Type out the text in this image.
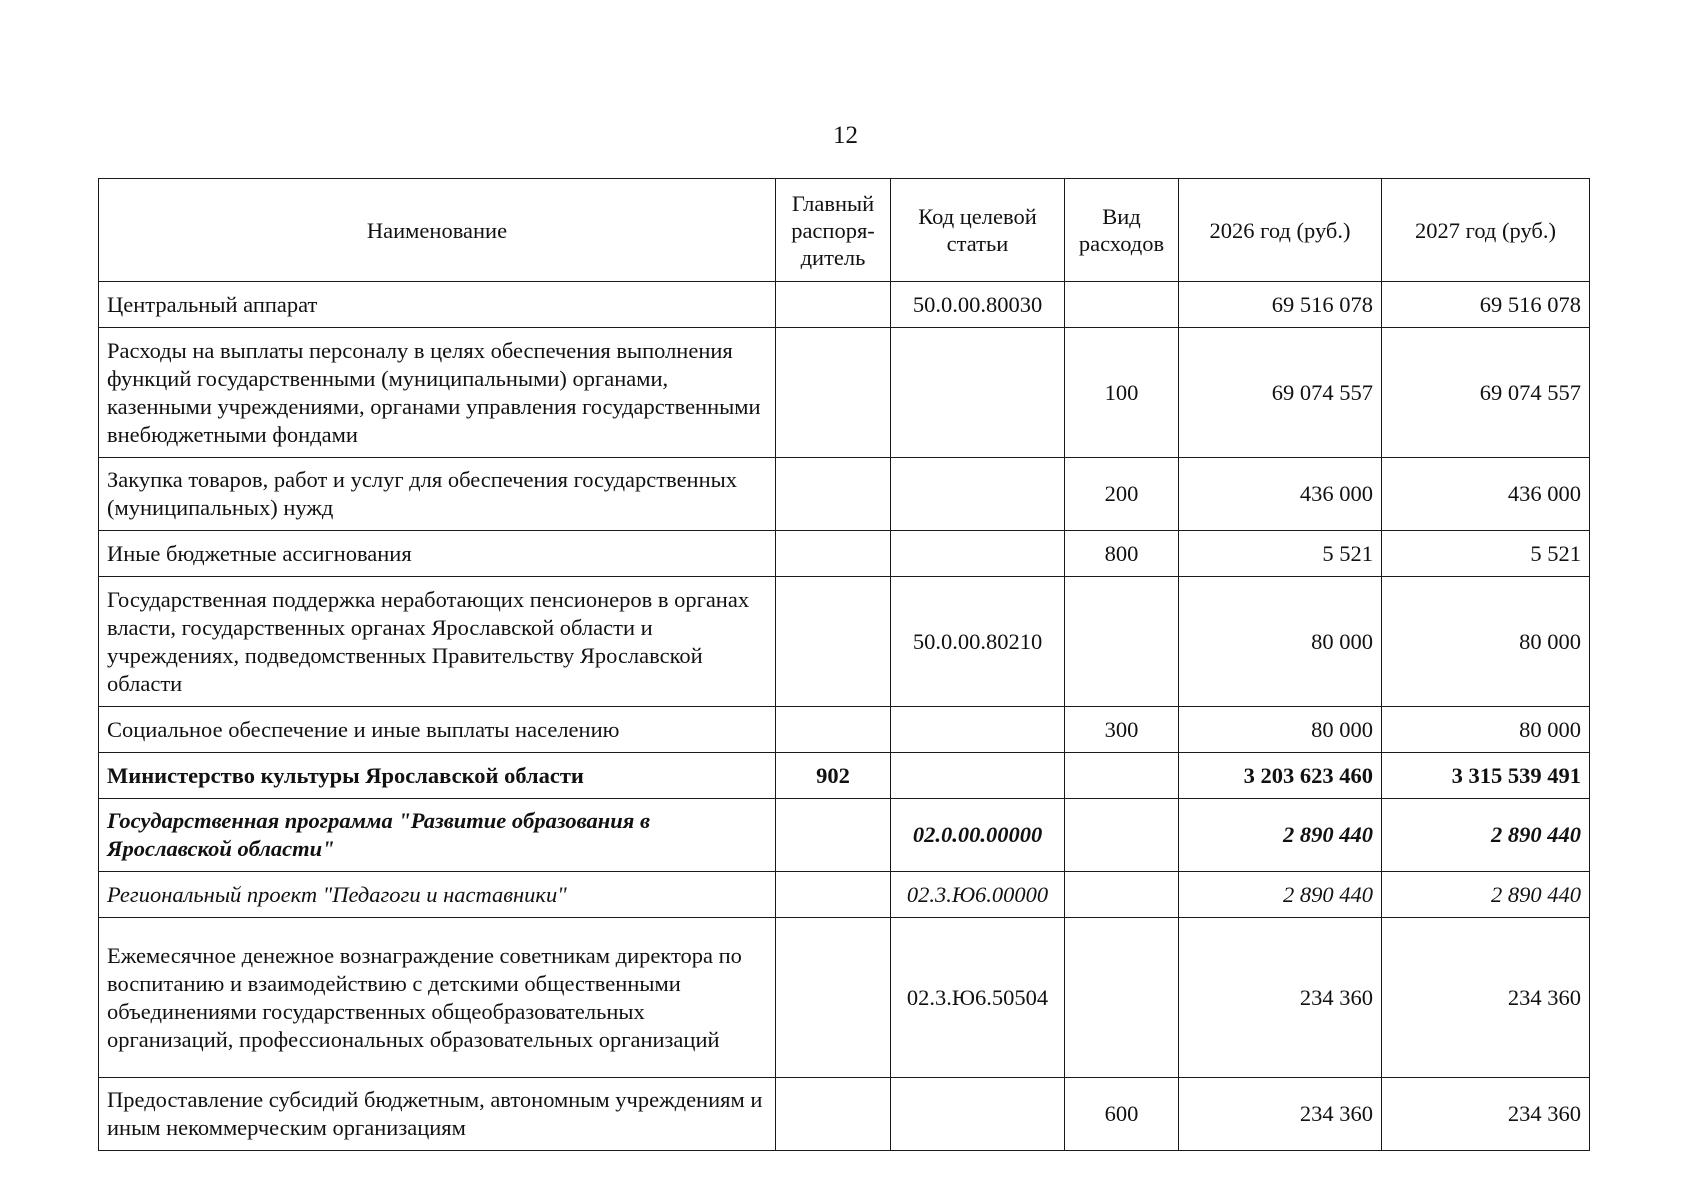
12
Наименование	Главный распоря-дитель	Код целевой статьи	Вид расходов	2026 год (руб.)	2027 год (руб.)
Центральный аппарат		50.0.00.80030		69 516 078	69 516 078
Расходы на выплаты персоналу в целях обеспечения выполнения функций государственными (муниципальными) органами, казенными учреждениями, органами управления государственными внебюджетными фондами			100	69 074 557	69 074 557
Закупка товаров, работ и услуг для обеспечения государственных (муниципальных) нужд			200	436 000	436 000
Иные бюджетные ассигнования			800	5 521	5 521
Государственная поддержка неработающих пенсионеров в органах власти, государственных органах Ярославской области и учреждениях, подведомственных Правительству Ярославской области		50.0.00.80210		80 000	80 000
Социальное обеспечение и иные выплаты населению			300	80 000	80 000
Министерство культуры Ярославской области	902			3 203 623 460	3 315 539 491
Государственная программа "Развитие образования в Ярославской области"		02.0.00.00000		2 890 440	2 890 440
Региональный проект "Педагоги и наставники"		02.3.Ю6.00000		2 890 440	2 890 440
Ежемесячное денежное вознаграждение советникам директора по воспитанию и взаимодействию с детскими общественными объединениями государственных общеобразовательных организаций, профессиональных образовательных организаций		02.3.Ю6.50504		234 360	234 360
Предоставление субсидий бюджетным, автономным учреждениям и иным некоммерческим организациям			600	234 360	234 360
